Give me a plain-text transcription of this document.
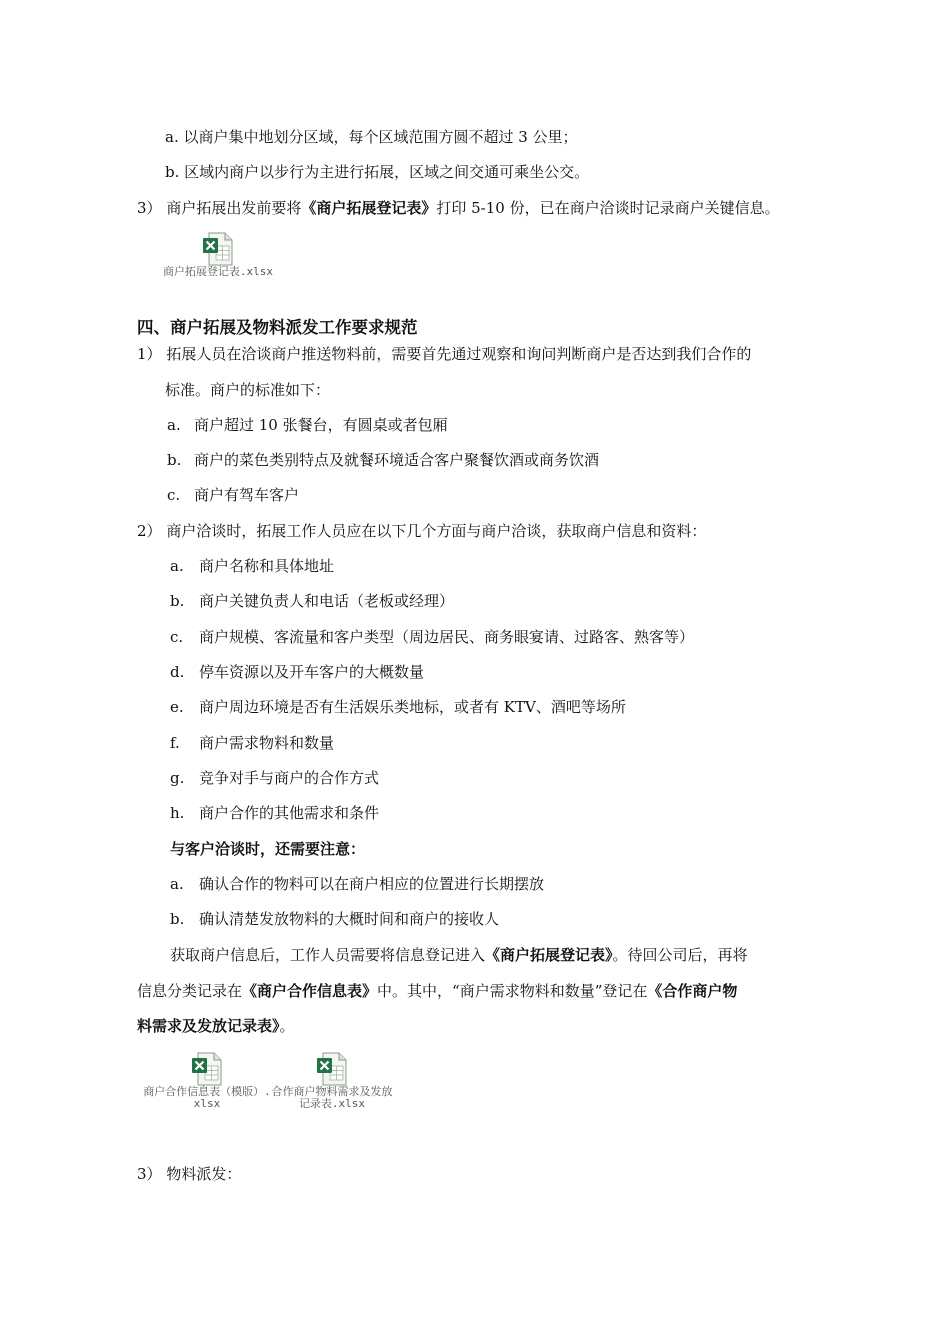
a. 以商户集中地划分区域，每个区域范围方圆不超过 3 公里；
b. 区域内商户以步行为主进行拓展，区域之间交通可乘坐公交。
3） 商户拓展出发前要将《商户拓展登记表》打印 5-10 份，已在商户洽谈时记录商户关键信息。
商户拓展登记表.xlsx
四、商户拓展及物料派发工作要求规范
1） 拓展人员在洽谈商户推送物料前，需要首先通过观察和询问判断商户是否达到我们合作的
标准。商户的标准如下：
a. 商户超过 10 张餐台，有圆桌或者包厢
b. 商户的菜色类别特点及就餐环境适合客户聚餐饮酒或商务饮酒
c. 商户有驾车客户
2） 商户洽谈时，拓展工作人员应在以下几个方面与商户洽谈，获取商户信息和资料：
a. 商户名称和具体地址
b. 商户关键负责人和电话（老板或经理）
c. 商户规模、客流量和客户类型（周边居民、商务眼宴请、过路客、熟客等）
d. 停车资源以及开车客户的大概数量
e. 商户周边环境是否有生活娱乐类地标，或者有 KTV、酒吧等场所
f. 商户需求物料和数量
g. 竞争对手与商户的合作方式
h. 商户合作的其他需求和条件
与客户洽谈时，还需要注意：
a. 确认合作的物料可以在商户相应的位置进行长期摆放
b. 确认清楚发放物料的大概时间和商户的接收人
获取商户信息后，工作人员需要将信息登记进入《商户拓展登记表》。待回公司后，再将
信息分类记录在《商户合作信息表》中。其中，“商户需求物料和数量”登记在《合作商户物
料需求及发放记录表》。
商户合作信息表（模版）.xlsx
合作商户物料需求及发放记录表.xlsx
3） 物料派发：
